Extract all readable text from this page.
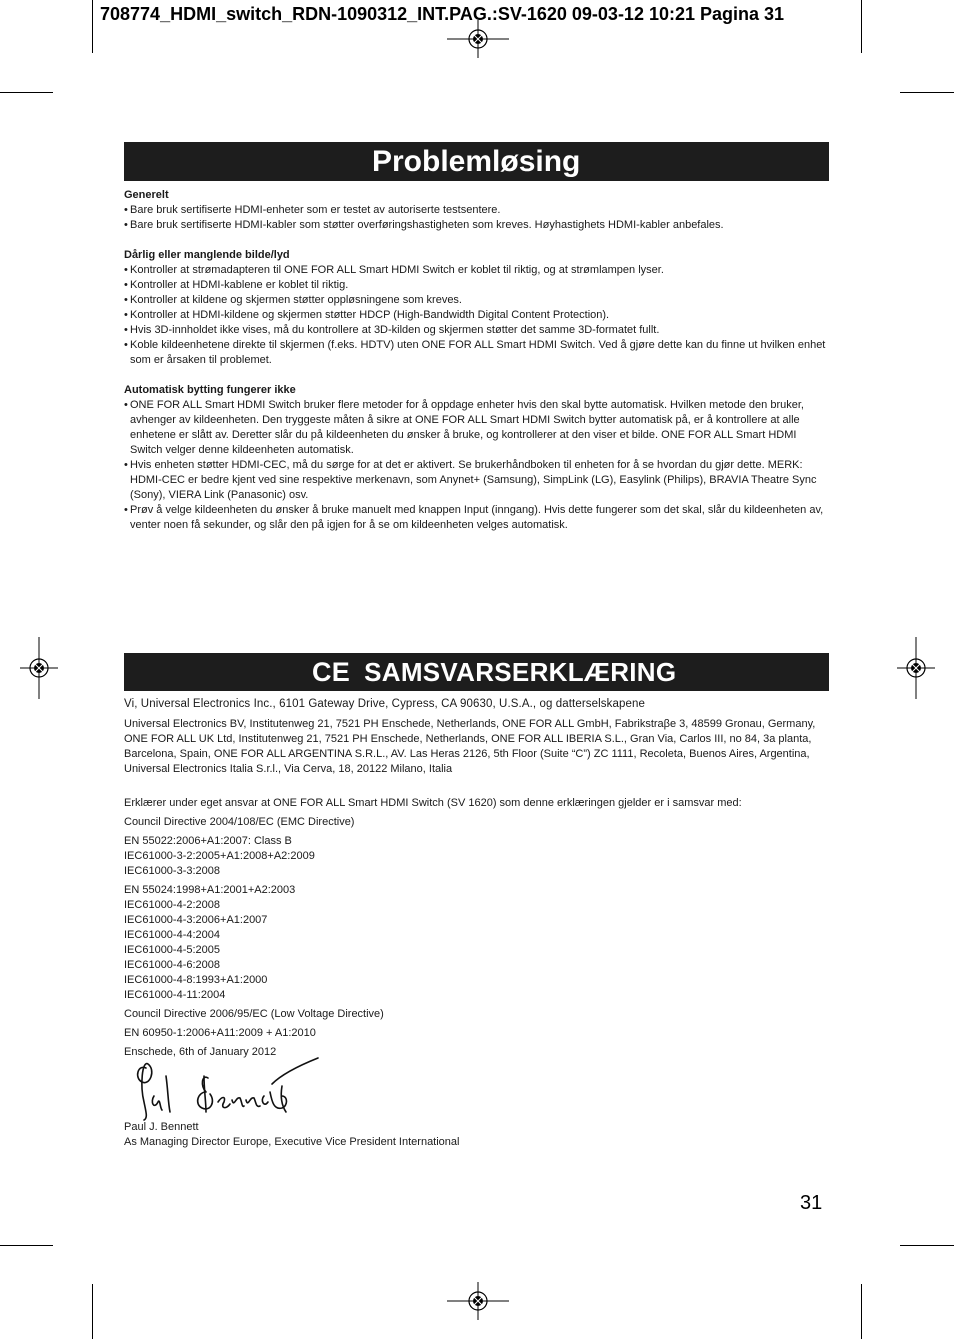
708774_HDMI_switch_RDN-1090312_INT.PAG.:SV-1620 09-03-12 10:21 Pagina 31
Problemløsing
Generelt
• Bare bruk sertifiserte HDMI-enheter som er testet av autoriserte testsentere.
• Bare bruk sertifiserte HDMI-kabler som støtter overføringshastigheten som kreves. Høyhastighets HDMI-kabler anbefales.
Dårlig eller manglende bilde/lyd
• Kontroller at strømadapteren til ONE FOR ALL Smart HDMI Switch er koblet til riktig, og at strømlampen lyser.
• Kontroller at HDMI-kablene er koblet til riktig.
• Kontroller at kildene og skjermen støtter oppløsningene som kreves.
• Kontroller at HDMI-kildene og skjermen støtter HDCP (High-Bandwidth Digital Content Protection).
• Hvis 3D-innholdet ikke vises, må du kontrollere at 3D-kilden og skjermen støtter det samme 3D-formatet fullt.
• Koble kildeenhetene direkte til skjermen (f.eks. HDTV) uten ONE FOR ALL Smart HDMI Switch. Ved å gjøre dette kan du finne ut hvilken enhet som er årsaken til problemet.
Automatisk bytting fungerer ikke
• ONE FOR ALL Smart HDMI Switch bruker flere metoder for å oppdage enheter hvis den skal bytte automatisk. Hvilken metode den bruker, avhenger av kildeenheten. Den tryggeste måten å sikre at ONE FOR ALL Smart HDMI Switch bytter automatisk på, er å kontrollere at alle enhetene er slått av. Deretter slår du på kildeenheten du ønsker å bruke, og kontrollerer at den viser et bilde. ONE FOR ALL Smart HDMI Switch velger denne kildeenheten automatisk.
• Hvis enheten støtter HDMI-CEC, må du sørge for at det er aktivert. Se brukerhåndboken til enheten for å se hvordan du gjør dette. MERK: HDMI-CEC er bedre kjent ved sine respektive merkenavn, som Anynet+ (Samsung), SimpLink (LG), Easylink (Philips), BRAVIA Theatre Sync (Sony), VIERA Link (Panasonic) osv.
• Prøv å velge kildeenheten du ønsker å bruke manuelt med knappen Input (inngang). Hvis dette fungerer som det skal, slår du kildeenheten av, venter noen få sekunder, og slår den på igjen for å se om kildeenheten velges automatisk.
CE SAMSVARSERKLÆRING

Vi, Universal Electronics Inc., 6101 Gateway Drive, Cypress, CA 90630, U.S.A., og datterselskapene

Universal Electronics BV, Institutenweg 21, 7521 PH Enschede, Netherlands, ONE FOR ALL GmbH, Fabrikstraβe 3, 48599 Gronau, Germany, ONE FOR ALL UK Ltd, Institutenweg 21, 7521 PH Enschede, Netherlands, ONE FOR ALL IBERIA S.L., Gran Via, Carlos III, no 84, 3a planta, Barcelona, Spain, ONE FOR ALL ARGENTINA S.R.L., AV. Las Heras 2126, 5th Floor (Suite “C”) ZC 1111, Recoleta, Buenos Aires, Argentina, Universal Electronics Italia S.r.l., Via Cerva, 18, 20122 Milano, Italia

Erklærer under eget ansvar at ONE FOR ALL Smart HDMI Switch (SV 1620) som denne erklæringen gjelder er i samsvar med:

Council Directive 2004/108/EC (EMC Directive)

EN 55022:2006+A1:2007: Class B

IEC61000-3-2:2005+A1:2008+A2:2009

IEC61000-3-3:2008

EN 55024:1998+A1:2001+A2:2003

IEC61000-4-2:2008

IEC61000-4-3:2006+A1:2007

IEC61000-4-4:2004

IEC61000-4-5:2005

IEC61000-4-6:2008

IEC61000-4-8:1993+A1:2000

IEC61000-4-11:2004

Council Directive 2006/95/EC (Low Voltage Directive)

EN 60950-1:2006+A11:2009 + A1:2010

Enschede, 6th of January 2012

Paul J. Bennett

As Managing Director Europe, Executive Vice President International

31
